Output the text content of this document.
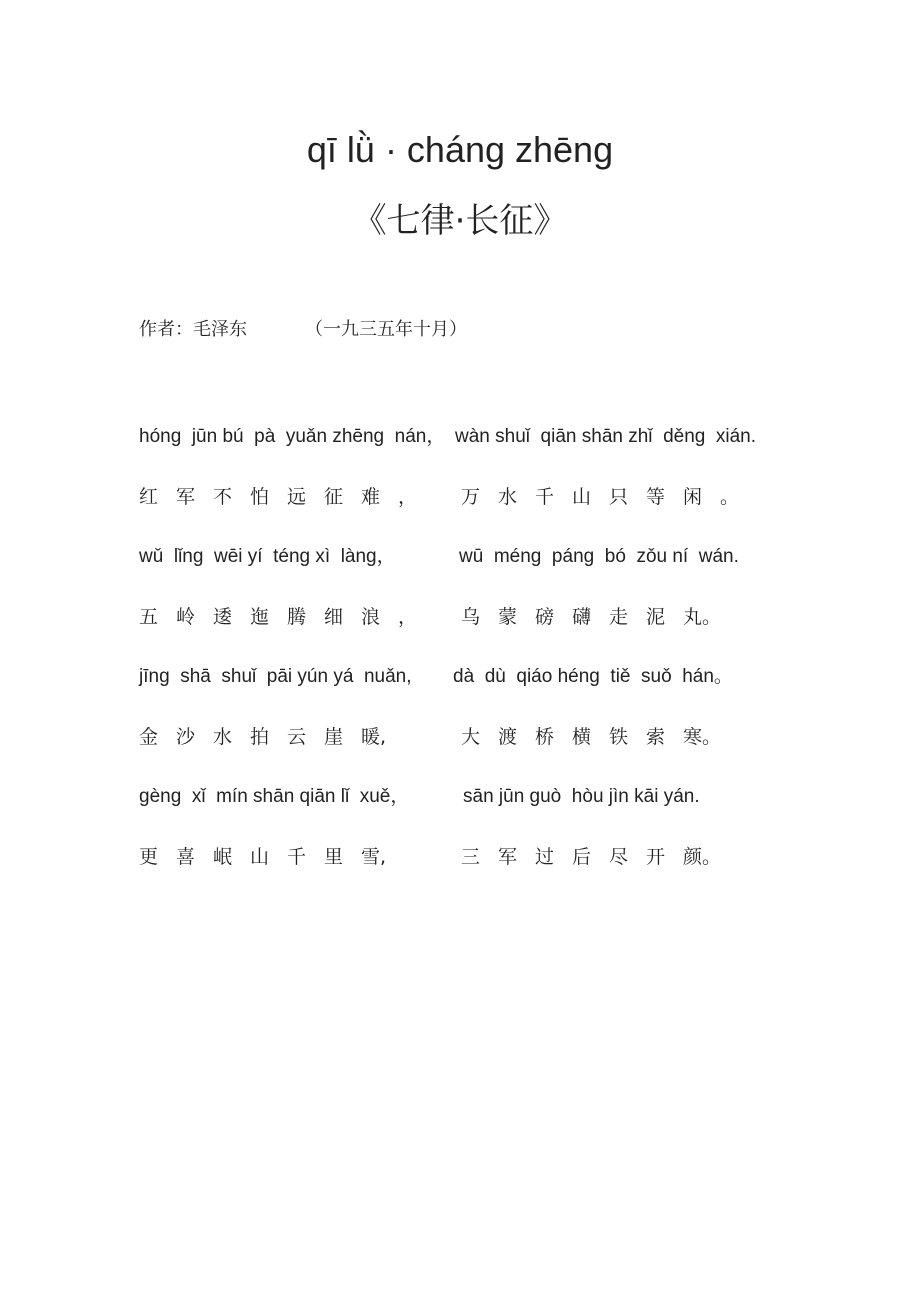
qī lǜ · cháng zhēng
《七律·长征》
作者：毛泽东	（一九三五年十月）
hóng  jūn bú  pà  yuǎn zhēng  nán， wàn shuǐ  qiān shān zhǐ  děng  xián.
红 军 不 怕 远 征 难 ，	万 水 千 山 只 等 闲 。
wǔ  lǐng  wēi yí  téng xì  làng，	wū  méng  páng  bó  zǒu ní  wán.
五 岭 逶 迤 腾 细 浪 ，	乌 蒙 磅 礴 走 泥 丸。
jīng  shā  shuǐ  pāi yún yá  nuǎn, dà  dù  qiáo héng  tiě  suǒ  hán。
金 沙 水 拍 云 崖 暖,	大 渡 桥 横 铁 索 寒。
gèng  xǐ  mín shān qiān lǐ  xuě，	sān jūn guò  hòu jìn kāi yán.
更 喜 岷 山 千 里 雪,	三 军 过 后 尽 开 颜。
